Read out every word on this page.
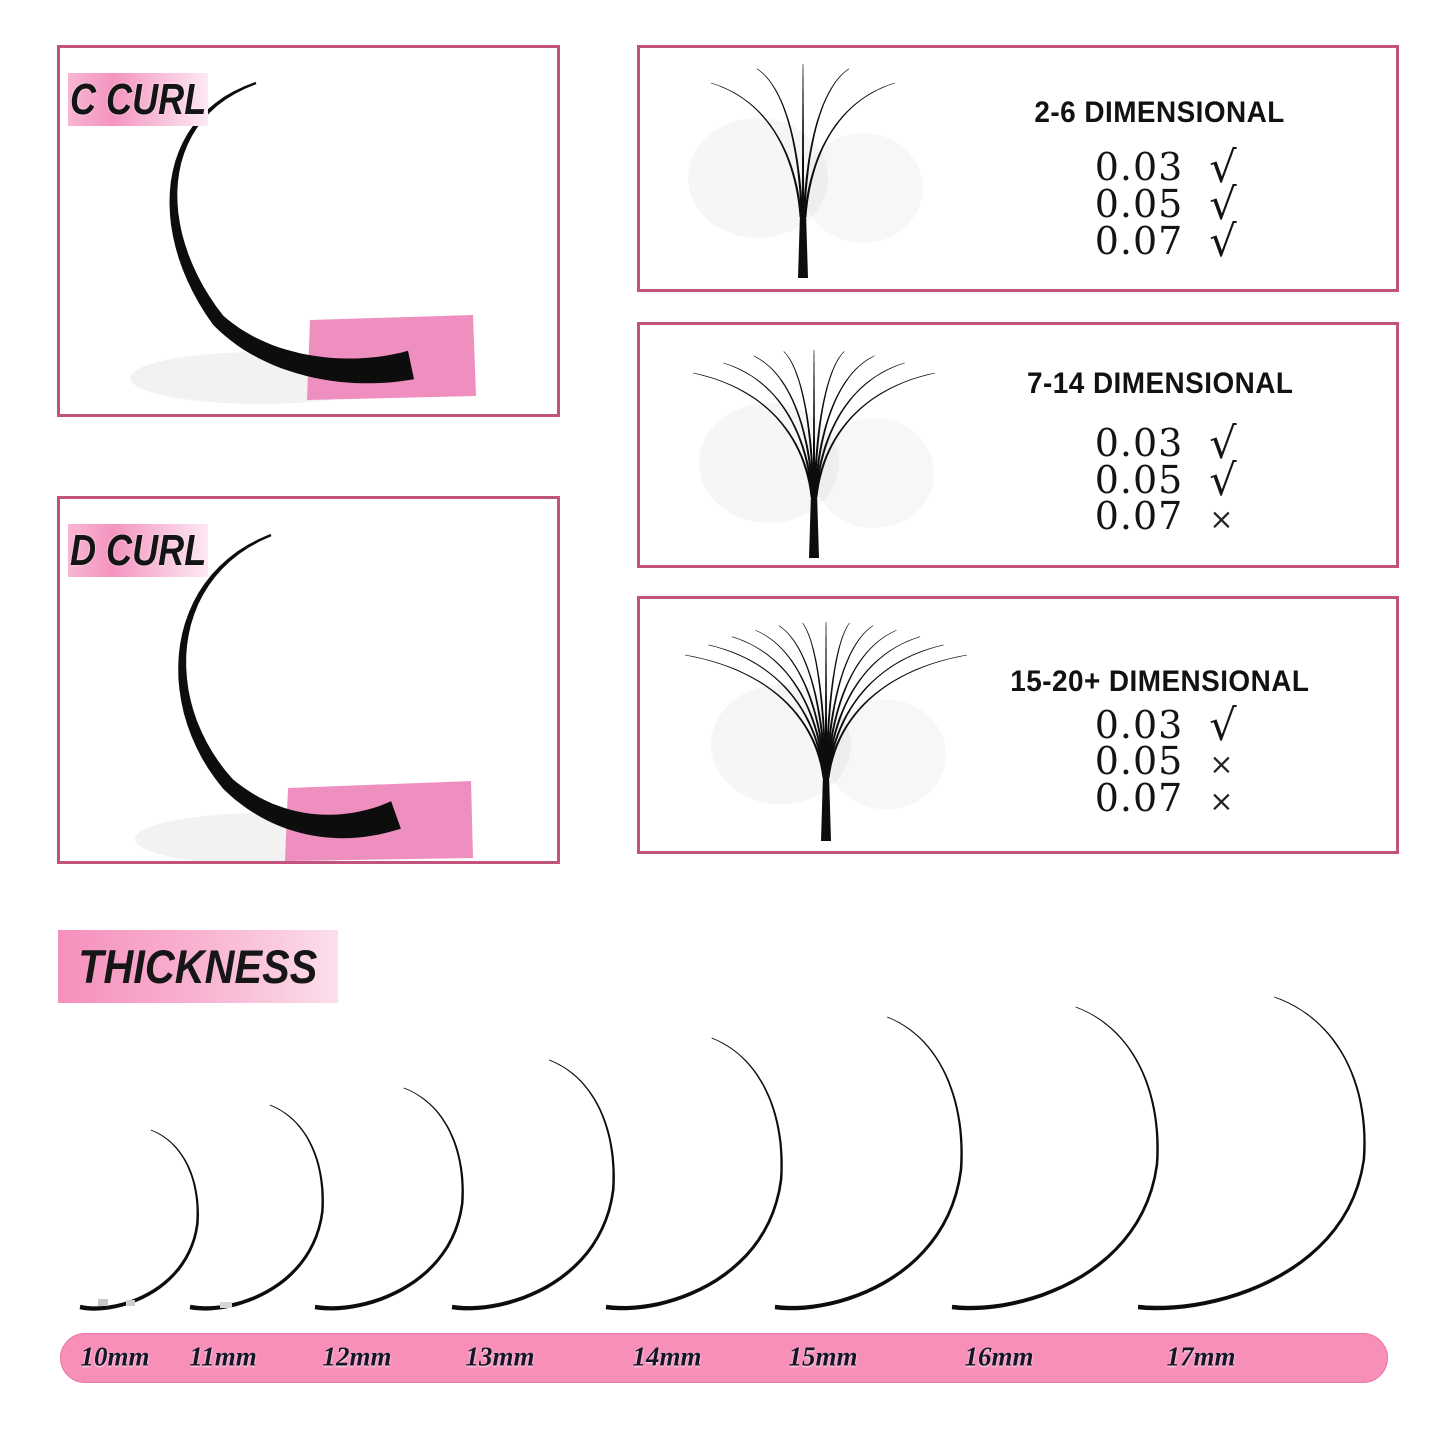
C CURL
D CURL
2-6 DIMENSIONAL
0.03 √
0.05 √
0.07 √
7-14 DIMENSIONAL
0.03 √
0.05 √
0.07 ×
15-20+ DIMENSIONAL
0.03 √
0.05 ×
0.07 ×
THICKNESS
10mm 11mm 12mm	13mm	14mm	15mm	16mm	17mm
